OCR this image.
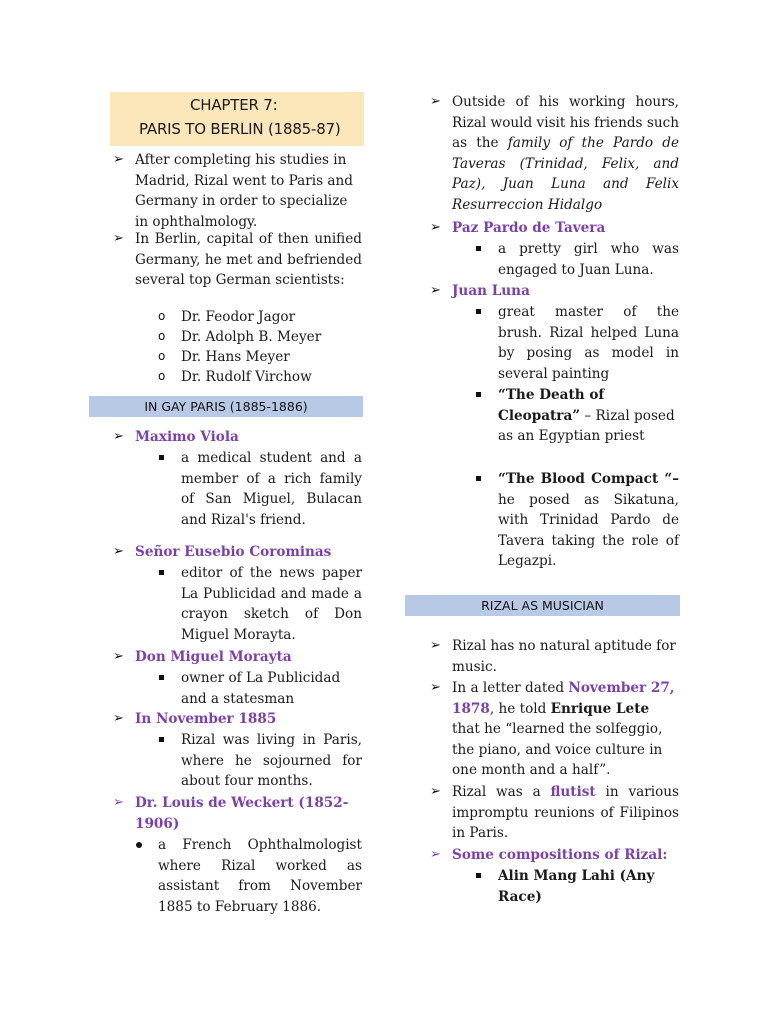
CHAPTER 7:
PARIS TO BERLIN (1885-87)
➢ After completing his studies in Madrid, Rizal went to Paris and Germany in order to specialize in ophthalmology.
➢ In Berlin, capital of then unified Germany, he met and befriended several top German scientists:
o Dr. Feodor Jagor
o Dr. Adolph B. Meyer
o Dr. Hans Meyer
o Dr. Rudolf Virchow
IN GAY PARIS (1885-1886)
➢ Maximo Viola
a medical student and a member of a rich family of San Miguel, Bulacan and Rizal's friend.
➢ Señor Eusebio Corominas
editor of the news paper La Publicidad and made a crayon sketch of Don Miguel Morayta.
➢ Don Miguel Morayta
owner of La Publicidad and a statesman
➢ In November 1885
Rizal was living in Paris, where he sojourned for about four months.
➢ Dr. Louis de Weckert (1852-1906)
a French Ophthalmologist where Rizal worked as assistant from November 1885 to February 1886.
➢ Outside of his working hours, Rizal would visit his friends such as the family of the Pardo de Taveras (Trinidad, Felix, and Paz), Juan Luna and Felix Resurreccion Hidalgo
➢ Paz Pardo de Tavera
a pretty girl who was engaged to Juan Luna.
➢ Juan Luna
great master of the brush. Rizal helped Luna by posing as model in several painting
“The Death of Cleopatra” – Rizal posed as an Egyptian priest
“The Blood Compact “– he posed as Sikatuna, with Trinidad Pardo de Tavera taking the role of Legazpi.
RIZAL AS MUSICIAN
➢ Rizal has no natural aptitude for music.
➢ In a letter dated November 27, 1878, he told Enrique Lete that he “learned the solfeggio, the piano, and voice culture in one month and a half”.
➢ Rizal was a flutist in various impromptu reunions of Filipinos in Paris.
➢ Some compositions of Rizal:
Alin Mang Lahi (Any Race)
